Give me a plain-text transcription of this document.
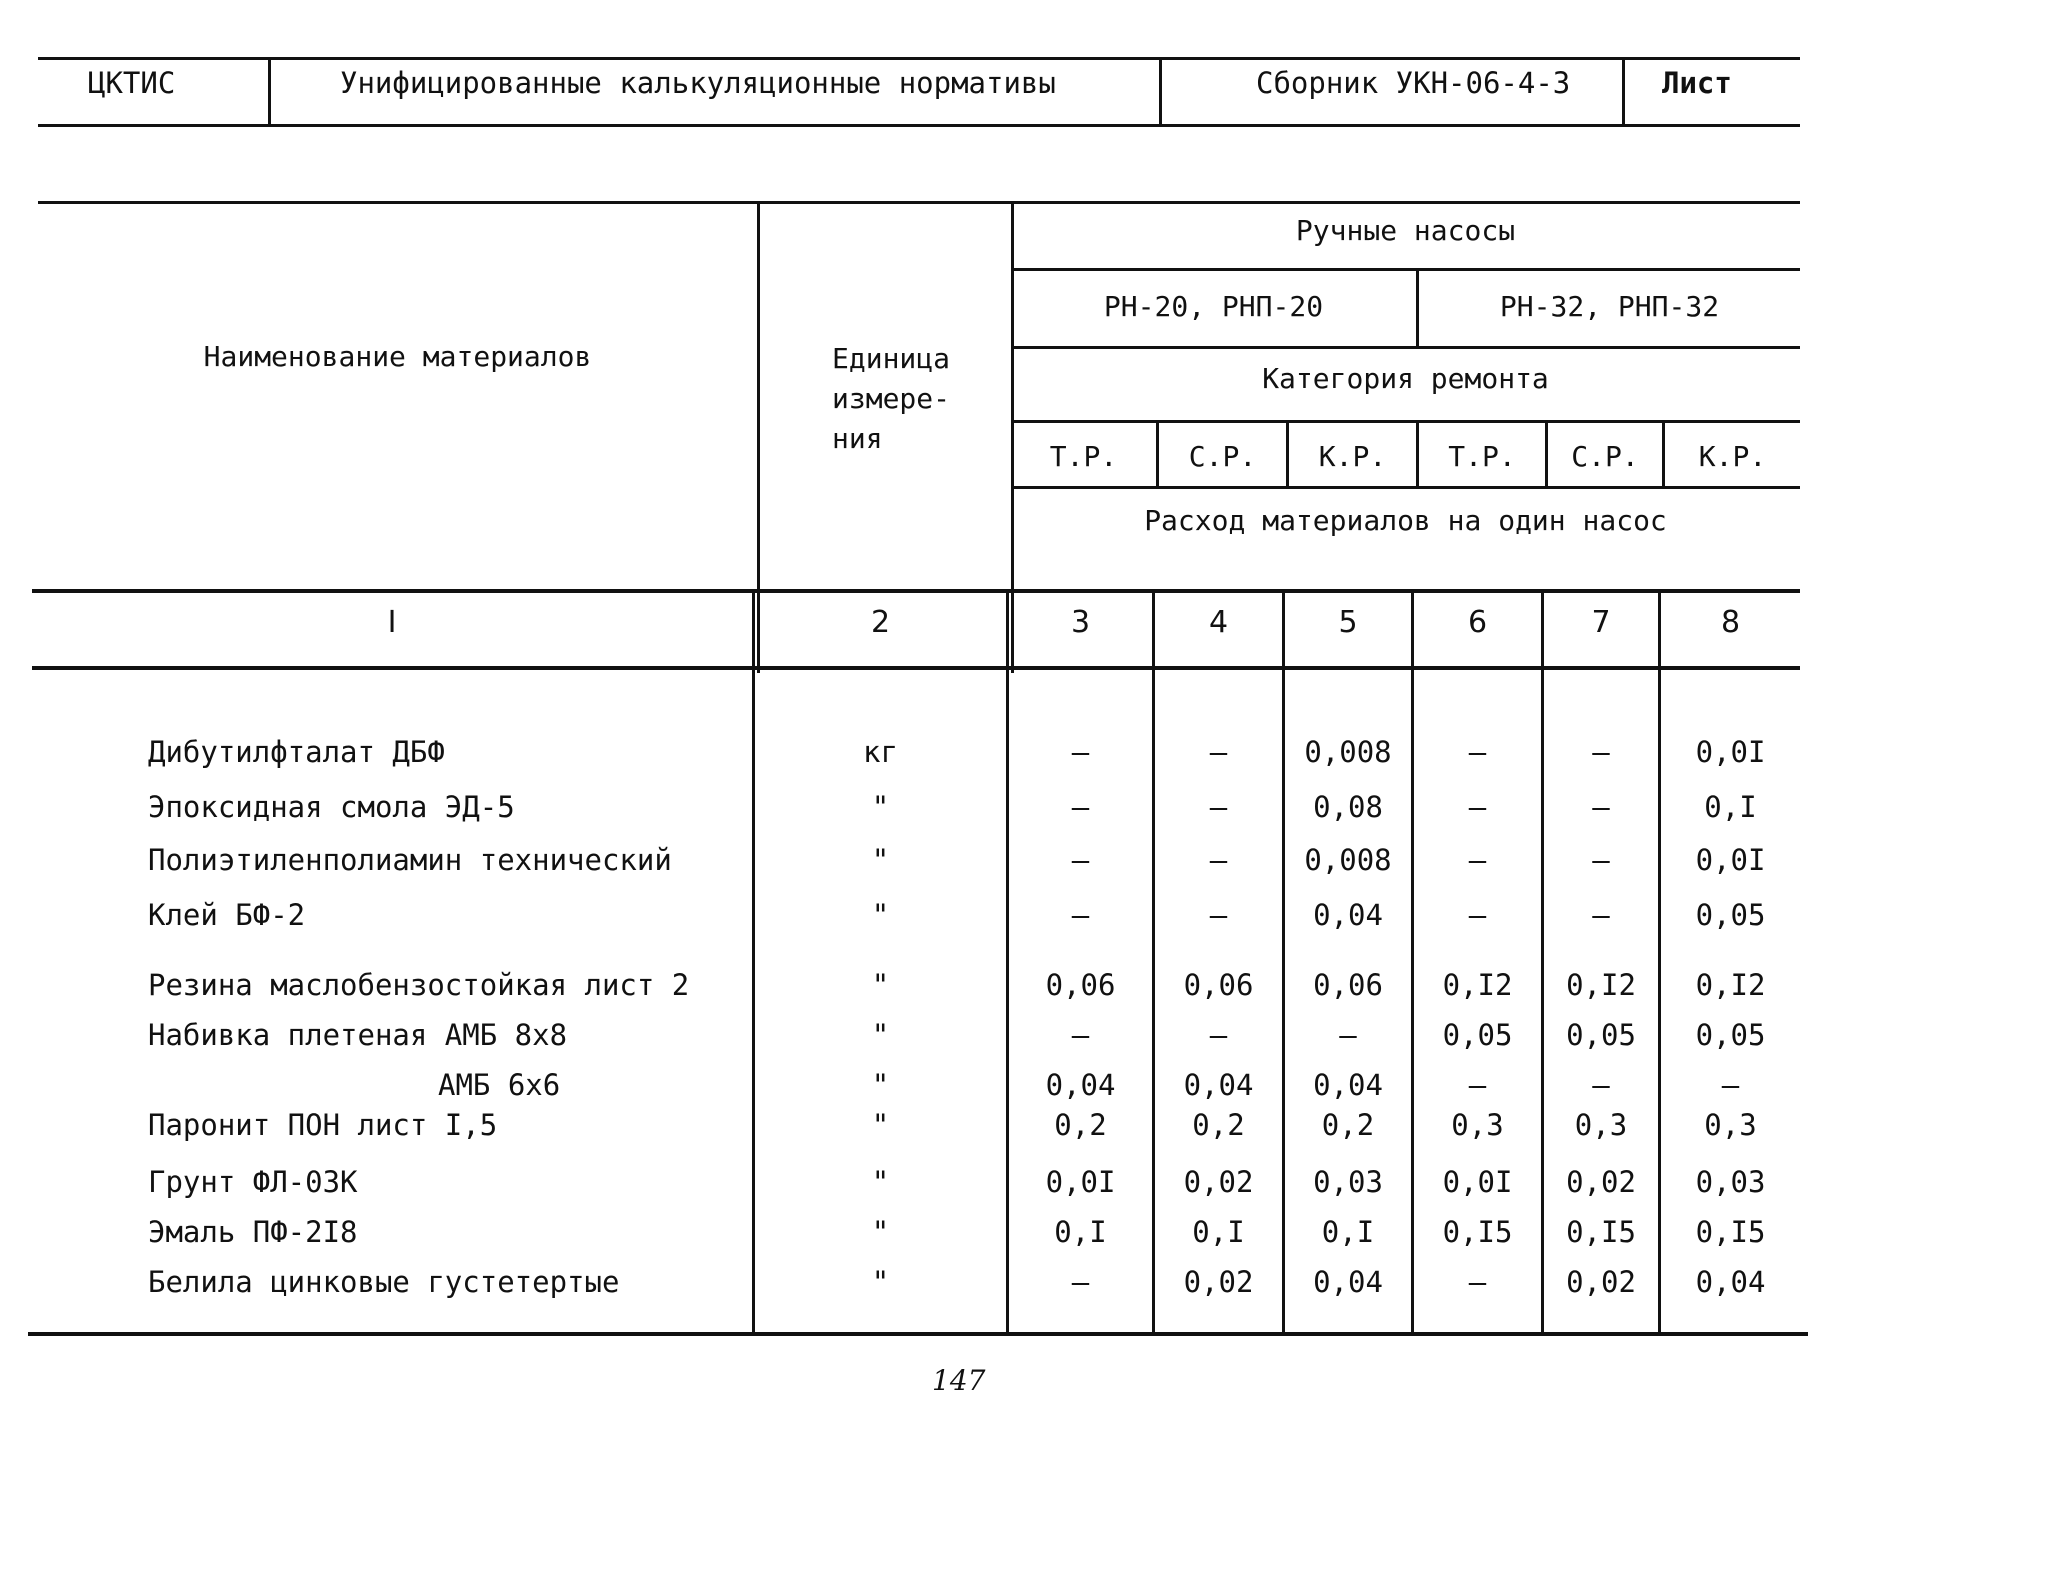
ЦКТИС	Унифицированные калькуляционные нормативы	Сборник УКН-06-4-3	Лист
Ручные насосы
РН-20, РНП-20	РН-32, РНП-32
Категория ремонта
Т.Р.	С.Р.	К.Р.	Т.Р.	С.Р.	К.Р.
Расход материалов на один насос
Наименование материалов	Единица
измере-
ния
I	2	3	4	5	6	7	8
Дибутилфталат ДБФ	кг	–	–	0,008	–	–	0,0I
Эпоксидная смола ЭД-5	"	–	–	0,08	–	–	0,I
Полиэтиленполиамин технический	"	–	–	0,008	–	–	0,0I
Клей БФ-2	"	–	–	0,04	–	–	0,05
Резина маслобензостойкая лист 2	"	0,06	0,06	0,06	0,I2	0,I2	0,I2
Набивка плетеная АМБ 8х8	"	–	–	–	0,05	0,05	0,05
АМБ 6х6	"	0,04	0,04	0,04	–	–	–
Паронит ПОН лист I,5	"	0,2	0,2	0,2	0,3	0,3	0,3
Грунт ФЛ-03К	"	0,0I	0,02	0,03	0,0I	0,02	0,03
Эмаль ПФ-2I8	"	0,I	0,I	0,I	0,I5	0,I5	0,I5
Белила цинковые густетертые	"	–	0,02	0,04	–	0,02	0,04
147
